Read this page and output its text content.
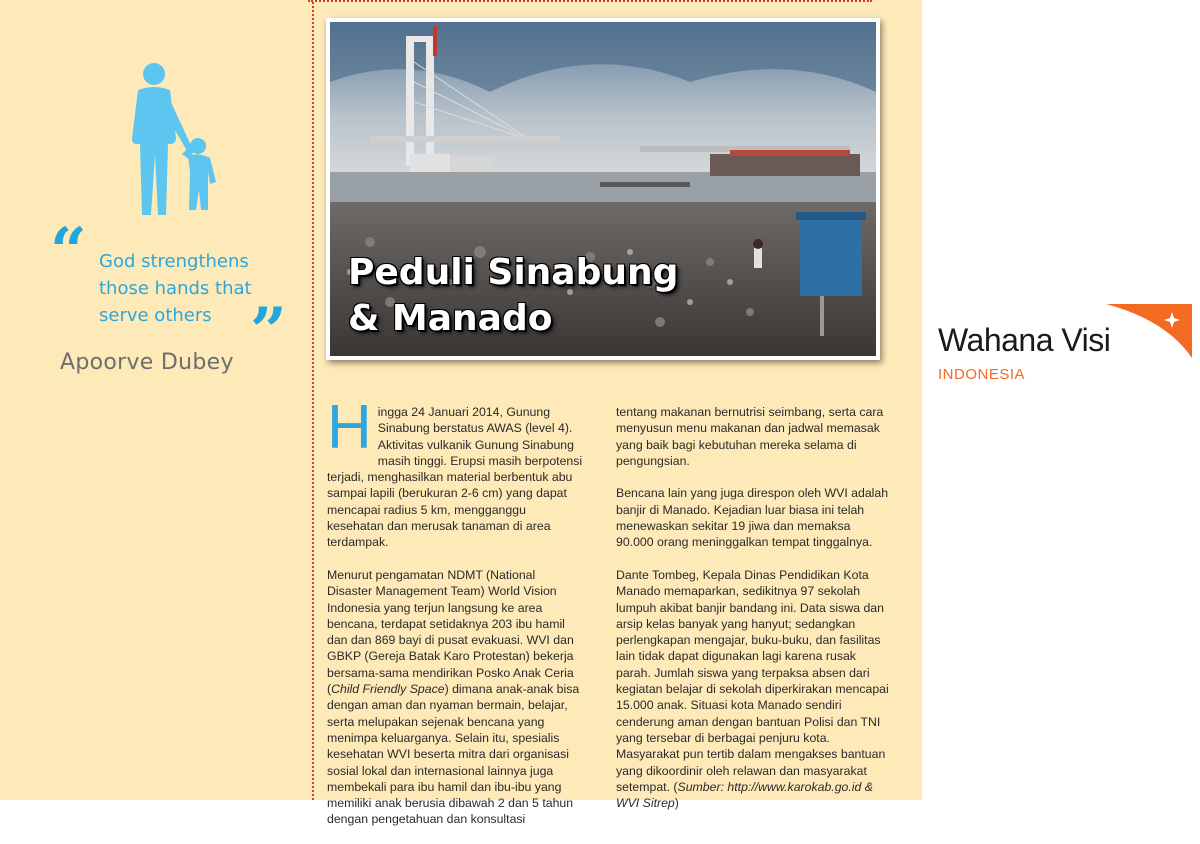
“ God strengthens those hands that serve others ”
Apoorve Dubey
Peduli Sinabung
& Manado

Hingga 24 Januari 2014, Gunung Sinabung berstatus AWAS (level 4). Aktivitas vulkanik Gunung Sinabung masih tinggi. Erupsi masih berpotensi terjadi, menghasilkan material berbentuk abu sampai lapili (berukuran 2-6 cm) yang dapat mencapai radius 5 km, mengganggu kesehatan dan merusak tanaman di area terdampak.

Menurut pengamatan NDMT (National Disaster Management Team) World Vision Indonesia yang terjun langsung ke area bencana, terdapat setidaknya 203 ibu hamil dan dan 869 bayi di pusat evakuasi. WVI dan GBKP (Gereja Batak Karo Protestan) bekerja bersama-sama mendirikan Posko Anak Ceria (Child Friendly Space) dimana anak-anak bisa dengan aman dan nyaman bermain, belajar, serta melupakan sejenak bencana yang menimpa keluarganya. Selain itu, spesialis kesehatan WVI beserta mitra dari organisasi sosial lokal dan internasional lainnya juga membekali para ibu hamil dan ibu-ibu yang memiliki anak berusia dibawah 2 dan 5 tahun dengan pengetahuan dan konsultasi

tentang makanan bernutrisi seimbang, serta cara menyusun menu makanan dan jadwal memasak yang baik bagi kebutuhan mereka selama di pengungsian.

Bencana lain yang juga direspon oleh WVI adalah banjir di Manado. Kejadian luar biasa ini telah menewaskan sekitar 19 jiwa dan memaksa 90.000 orang meninggalkan tempat tinggalnya.

Dante Tombeg, Kepala Dinas Pendidikan Kota Manado memaparkan, sedikitnya 97 sekolah lumpuh akibat banjir bandang ini. Data siswa dan arsip kelas banyak yang hanyut; sedangkan perlengkapan mengajar, buku-buku, dan fasilitas lain tidak dapat digunakan lagi karena rusak parah. Jumlah siswa yang terpaksa absen dari kegiatan belajar di sekolah diperkirakan mencapai 15.000 anak. Situasi kota Manado sendiri cenderung aman dengan bantuan Polisi dan TNI yang tersebar di berbagai penjuru kota. Masyarakat pun tertib dalam mengakses bantuan yang dikoordinir oleh relawan dan masyarakat setempat. (Sumber: http://www.karokab.go.id & WVI Sitrep)

Wahana Visi
INDONESIA
